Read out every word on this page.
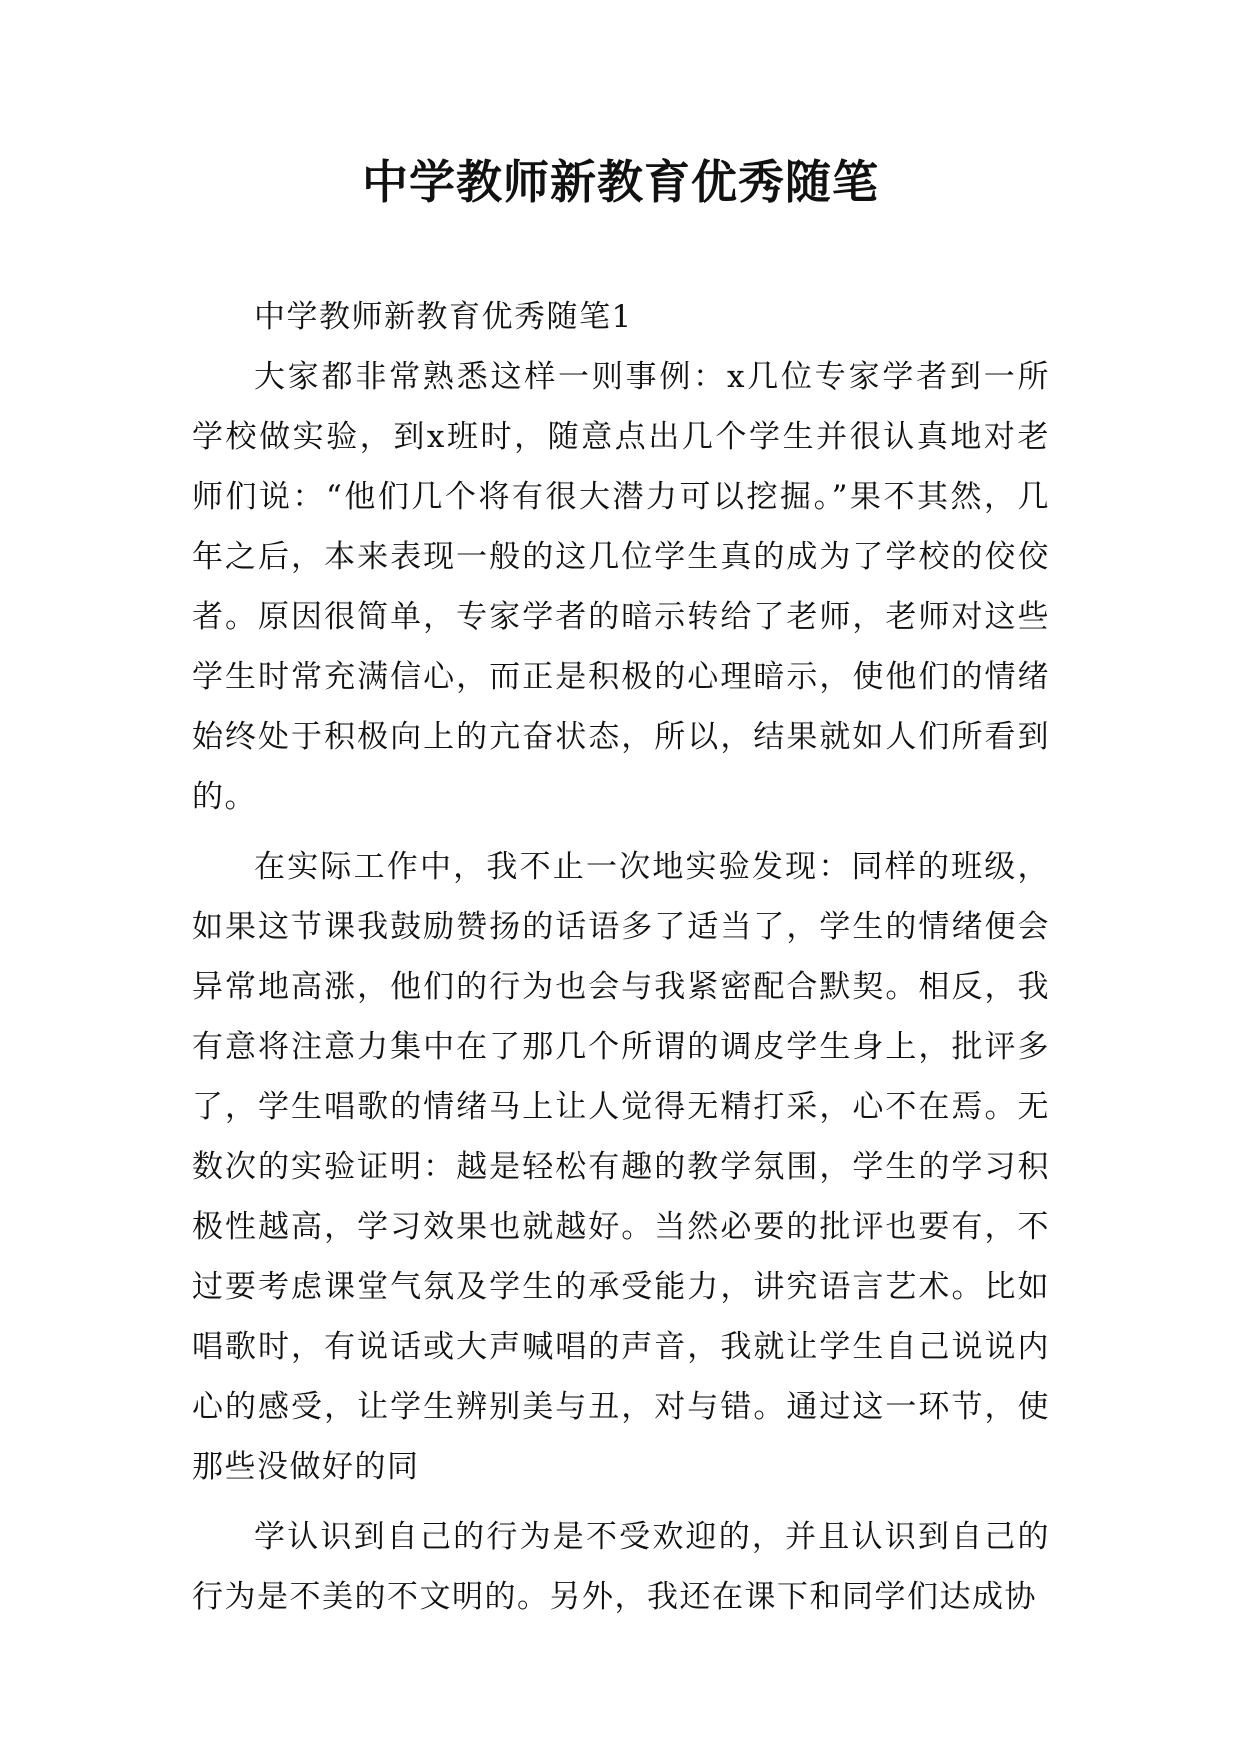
中学教师新教育优秀随笔

中学教师新教育优秀随笔1

大家都非常熟悉这样一则事例：x几位专家学者到一所学校做实验，到x班时，随意点出几个学生并很认真地对老师们说：“他们几个将有很大潜力可以挖掘。”果不其然，几年之后，本来表现一般的这几位学生真的成为了学校的佼佼者。原因很简单，专家学者的暗示转给了老师，老师对这些学生时常充满信心，而正是积极的心理暗示，使他们的情绪始终处于积极向上的亢奋状态，所以，结果就如人们所看到的。

在实际工作中，我不止一次地实验发现：同样的班级，如果这节课我鼓励赞扬的话语多了适当了，学生的情绪便会异常地高涨，他们的行为也会与我紧密配合默契。相反，我有意将注意力集中在了那几个所谓的调皮学生身上，批评多了，学生唱歌的情绪马上让人觉得无精打采，心不在焉。无数次的实验证明：越是轻松有趣的教学氛围，学生的学习积极性越高，学习效果也就越好。当然必要的批评也要有，不过要考虑课堂气氛及学生的承受能力，讲究语言艺术。比如唱歌时，有说话或大声喊唱的声音，我就让学生自己说说内心的感受，让学生辨别美与丑，对与错。通过这一环节，使那些没做好的同

学认识到自己的行为是不受欢迎的，并且认识到自己的行为是不美的不文明的。另外，我还在课下和同学们达成协
